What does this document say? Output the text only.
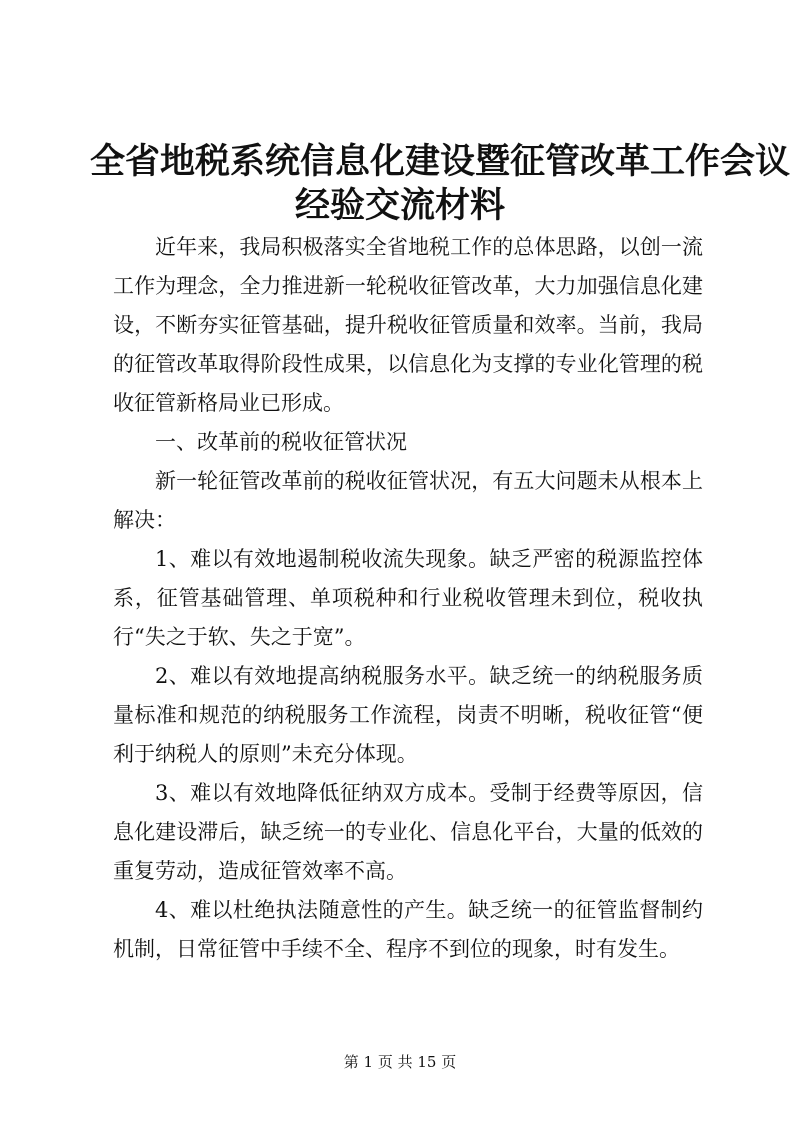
全省地税系统信息化建设暨征管改革工作会议
经验交流材料

近年来，我局积极落实全省地税工作的总体思路，以创一流工作为理念，全力推进新一轮税收征管改革，大力加强信息化建设，不断夯实征管基础，提升税收征管质量和效率。当前，我局的征管改革取得阶段性成果，以信息化为支撑的专业化管理的税收征管新格局业已形成。

一、改革前的税收征管状况

新一轮征管改革前的税收征管状况，有五大问题未从根本上解决：

1、难以有效地遏制税收流失现象。缺乏严密的税源监控体系，征管基础管理、单项税种和行业税收管理未到位，税收执行“失之于软、失之于宽”。

2、难以有效地提高纳税服务水平。缺乏统一的纳税服务质量标准和规范的纳税服务工作流程，岗责不明晰，税收征管“便利于纳税人的原则”未充分体现。

3、难以有效地降低征纳双方成本。受制于经费等原因，信息化建设滞后，缺乏统一的专业化、信息化平台，大量的低效的重复劳动，造成征管效率不高。

4、难以杜绝执法随意性的产生。缺乏统一的征管监督制约机制，日常征管中手续不全、程序不到位的现象，时有发生。

第 1 页 共 15 页
